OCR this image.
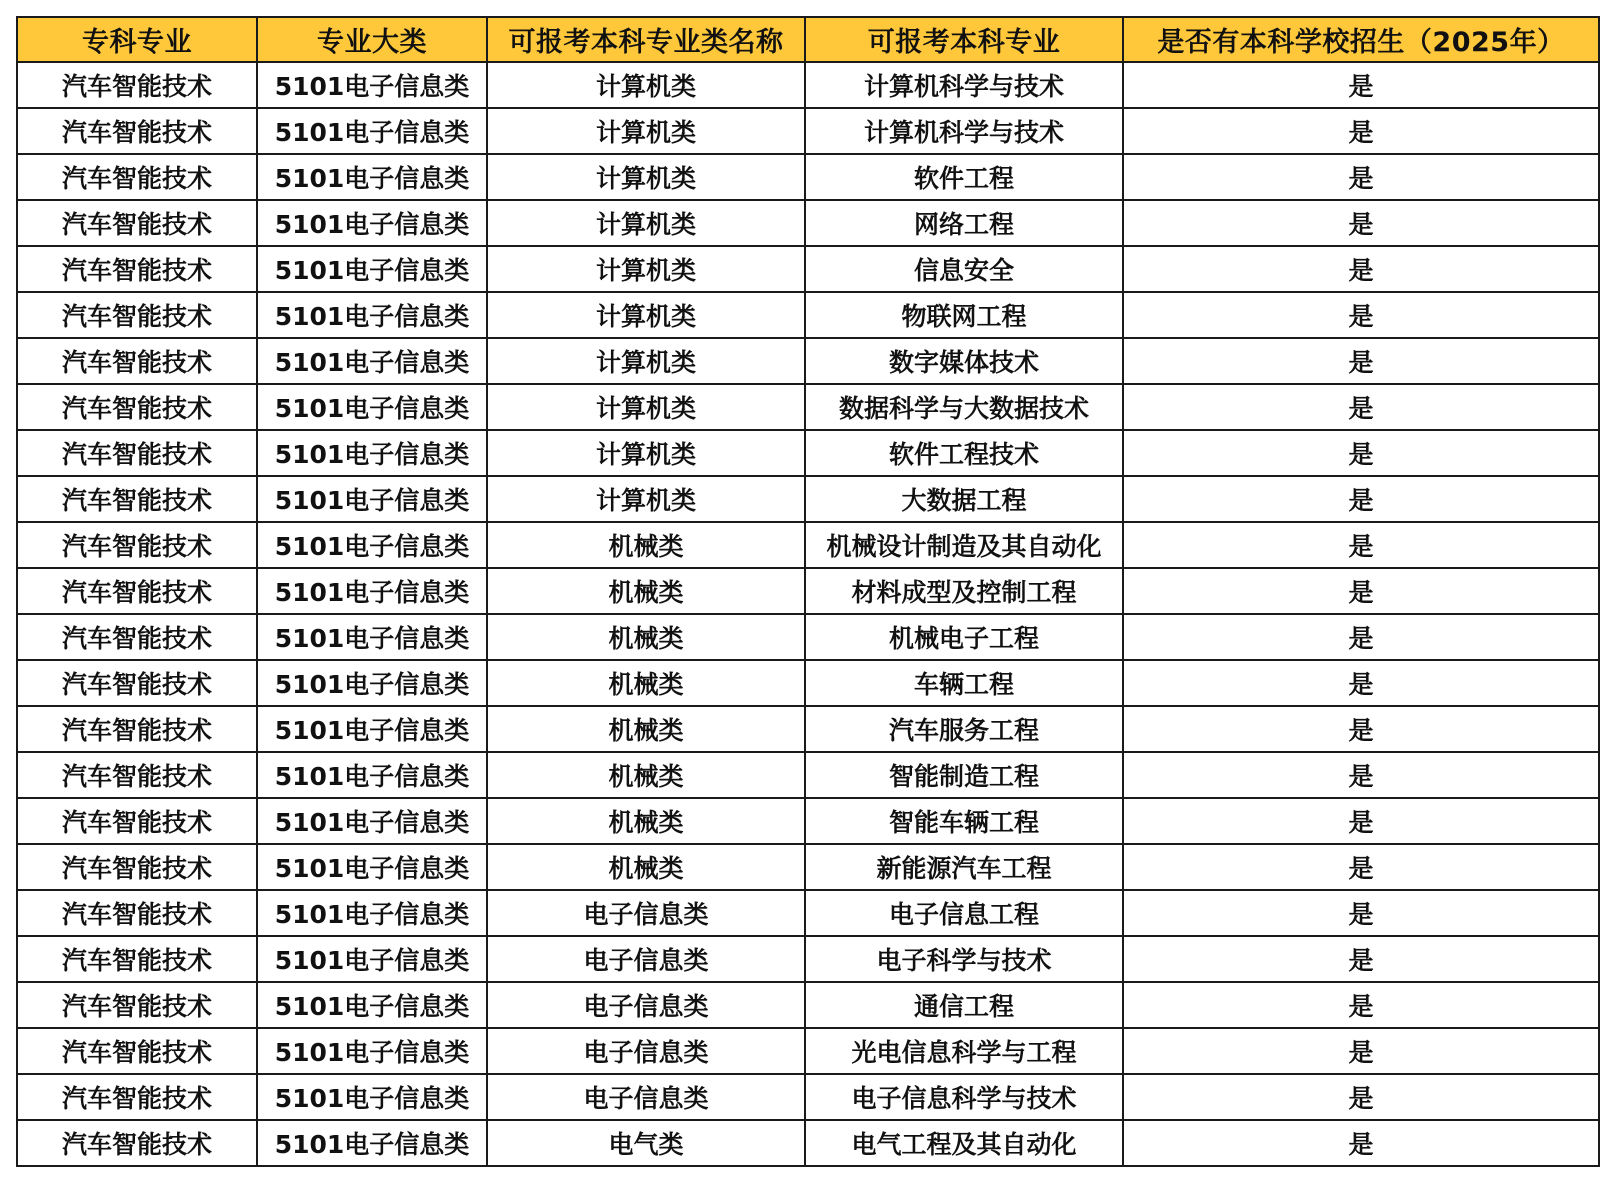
专科专业	专业大类	可报考本科专业类名称	可报考本科专业	是否有本科学校招生（2025年）
汽车智能技术	5101电子信息类	计算机类	计算机科学与技术	是
汽车智能技术	5101电子信息类	计算机类	计算机科学与技术	是
汽车智能技术	5101电子信息类	计算机类	软件工程	是
汽车智能技术	5101电子信息类	计算机类	网络工程	是
汽车智能技术	5101电子信息类	计算机类	信息安全	是
汽车智能技术	5101电子信息类	计算机类	物联网工程	是
汽车智能技术	5101电子信息类	计算机类	数字媒体技术	是
汽车智能技术	5101电子信息类	计算机类	数据科学与大数据技术	是
汽车智能技术	5101电子信息类	计算机类	软件工程技术	是
汽车智能技术	5101电子信息类	计算机类	大数据工程	是
汽车智能技术	5101电子信息类	机械类	机械设计制造及其自动化	是
汽车智能技术	5101电子信息类	机械类	材料成型及控制工程	是
汽车智能技术	5101电子信息类	机械类	机械电子工程	是
汽车智能技术	5101电子信息类	机械类	车辆工程	是
汽车智能技术	5101电子信息类	机械类	汽车服务工程	是
汽车智能技术	5101电子信息类	机械类	智能制造工程	是
汽车智能技术	5101电子信息类	机械类	智能车辆工程	是
汽车智能技术	5101电子信息类	机械类	新能源汽车工程	是
汽车智能技术	5101电子信息类	电子信息类	电子信息工程	是
汽车智能技术	5101电子信息类	电子信息类	电子科学与技术	是
汽车智能技术	5101电子信息类	电子信息类	通信工程	是
汽车智能技术	5101电子信息类	电子信息类	光电信息科学与工程	是
汽车智能技术	5101电子信息类	电子信息类	电子信息科学与技术	是
汽车智能技术	5101电子信息类	电气类	电气工程及其自动化	是
